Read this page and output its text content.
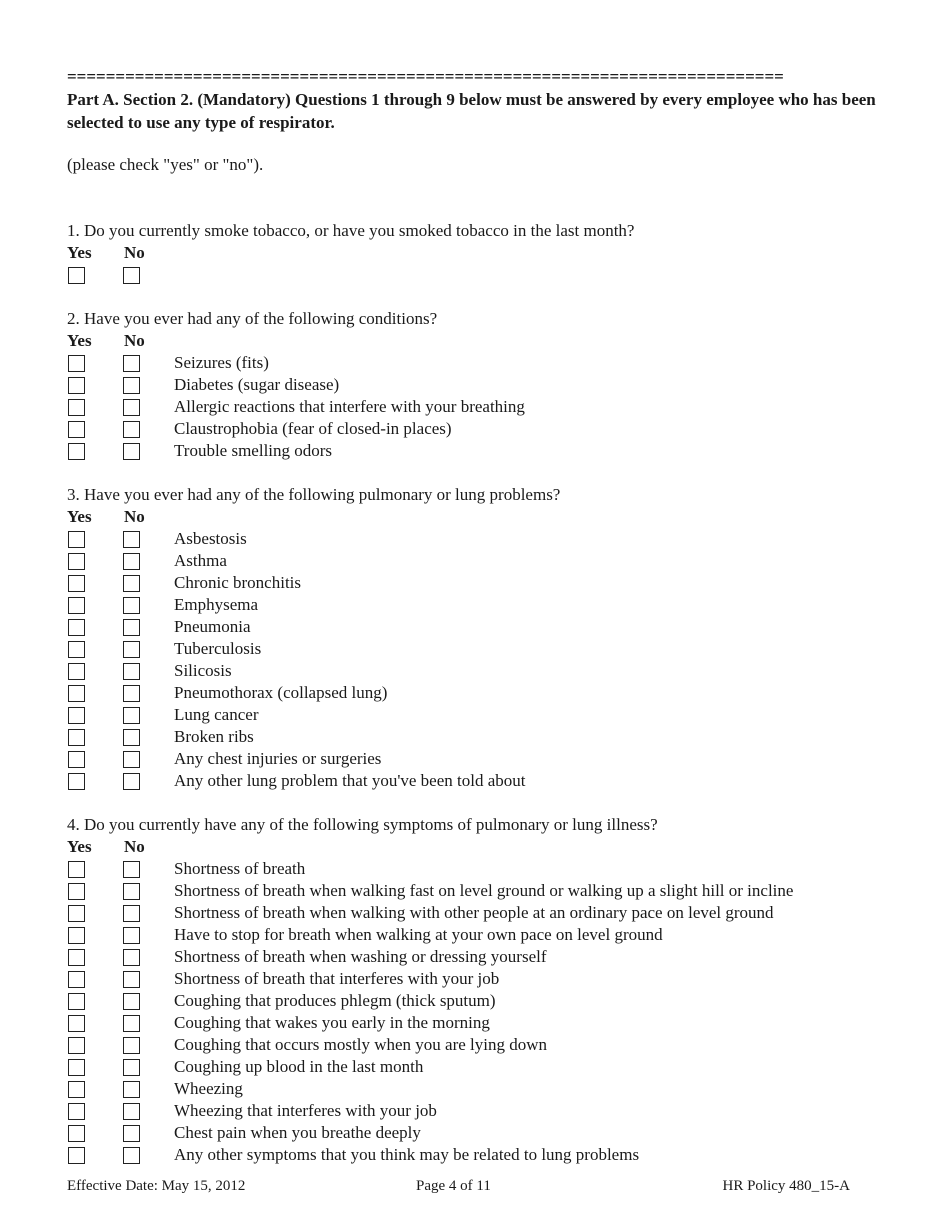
==========================================================================

Part A. Section 2. (Mandatory) Questions 1 through 9 below must be answered by every employee who has been selected to use any type of respirator.

(please check "yes" or "no").
1. Do you currently smoke tobacco, or have you smoked tobacco in the last month?
Yes	No
2. Have you ever had any of the following conditions?
Yes	No
Seizures (fits)
Diabetes (sugar disease)
Allergic reactions that interfere with your breathing
Claustrophobia (fear of closed-in places)
Trouble smelling odors
3. Have you ever had any of the following pulmonary or lung problems?
Yes	No
Asbestosis
Asthma
Chronic bronchitis
Emphysema
Pneumonia
Tuberculosis
Silicosis
Pneumothorax (collapsed lung)
Lung cancer
Broken ribs
Any chest injuries or surgeries
Any other lung problem that you've been told about
4. Do you currently have any of the following symptoms of pulmonary or lung illness?
Yes	No
Shortness of breath
Shortness of breath when walking fast on level ground or walking up a slight hill or incline
Shortness of breath when walking with other people at an ordinary pace on level ground
Have to stop for breath when walking at your own pace on level ground
Shortness of breath when washing or dressing yourself
Shortness of breath that interferes with your job
Coughing that produces phlegm (thick sputum)
Coughing that wakes you early in the morning
Coughing that occurs mostly when you are lying down
Coughing up blood in the last month
Wheezing
Wheezing that interferes with your job
Chest pain when you breathe deeply
Any other symptoms that you think may be related to lung problems
Effective Date: May 15, 2012	Page 4 of 11	HR Policy 480_15-A
